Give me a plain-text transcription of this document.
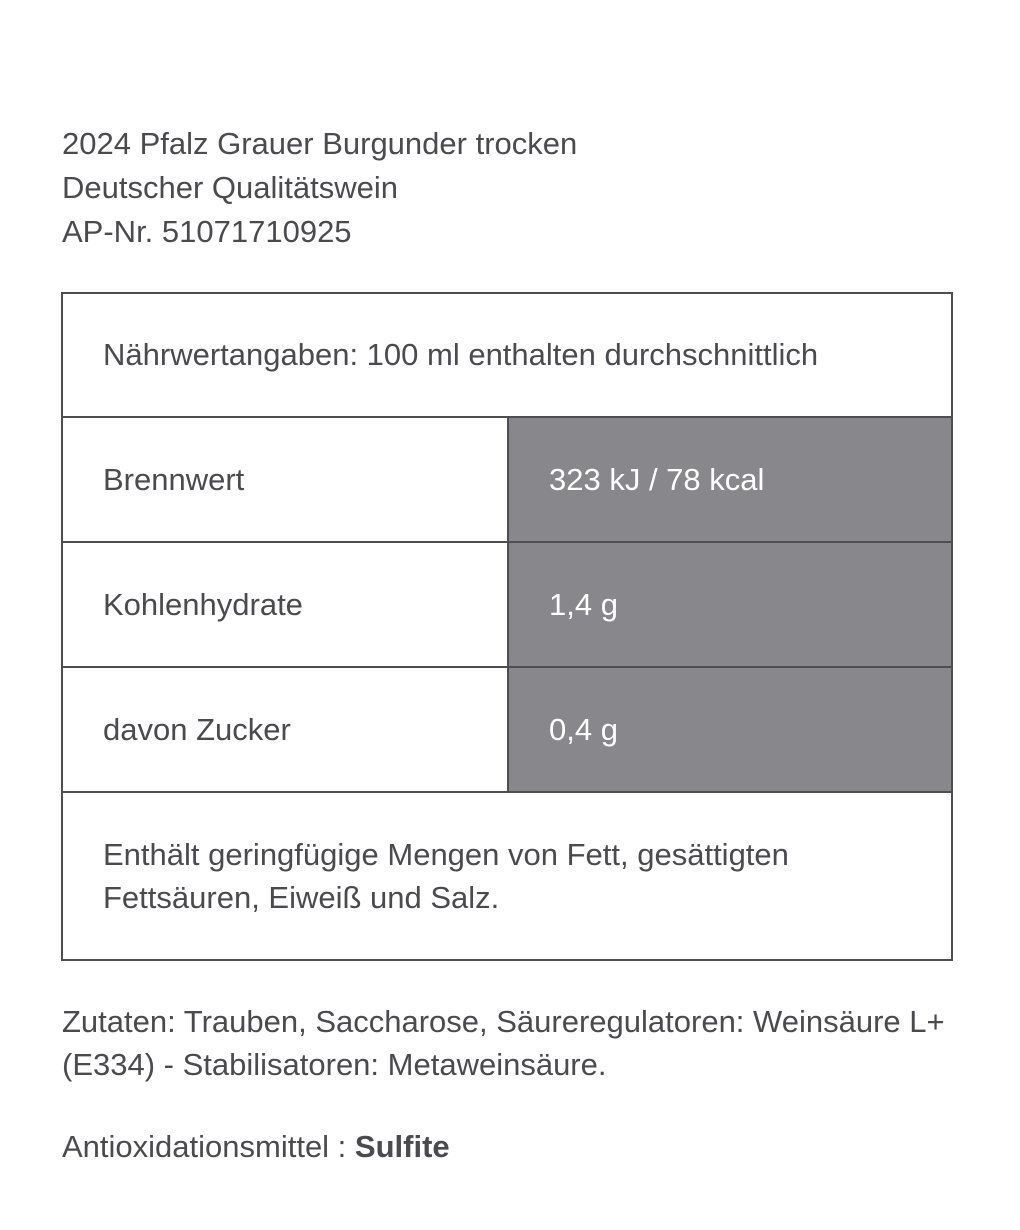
2024 Pfalz Grauer Burgunder trocken
Deutscher Qualitätswein
AP-Nr. 51071710925
Nährwertangaben: 100 ml enthalten durchschnittlich
Brennwert	323 kJ / 78 kcal
Kohlenhydrate	1,4 g
davon Zucker	0,4 g
Enthält geringfügige Mengen von Fett, gesättigten Fettsäuren, Eiweiß und Salz.
Zutaten: Trauben, Saccharose, Säureregulatoren: Weinsäure L+ (E334) - Stabilisatoren: Metaweinsäure.
Antioxidationsmittel : Sulfite
